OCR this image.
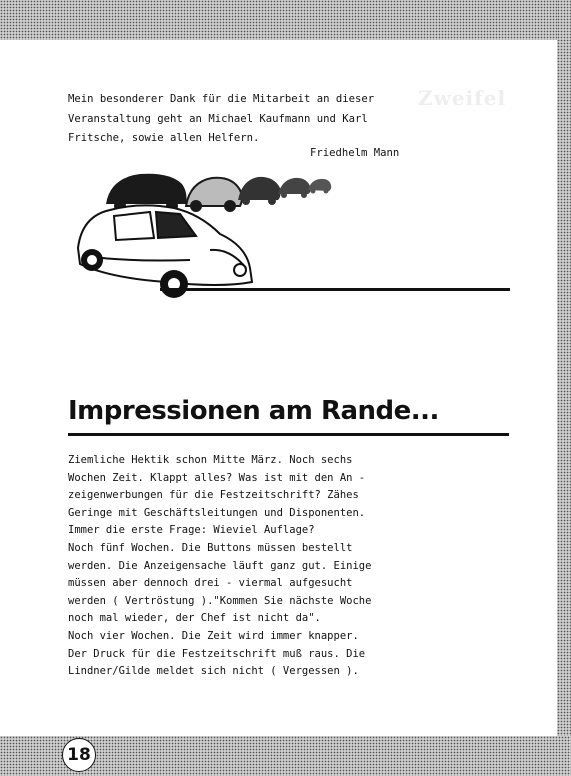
Zweifel
Mein besonderer Dank für die Mitarbeit an dieser
Veranstaltung geht an Michael Kaufmann und Karl
Fritsche, sowie allen Helfern.
Friedhelm Mann
Impressionen am Rande...
Ziemliche Hektik schon Mitte März. Noch sechs
Wochen Zeit. Klappt alles? Was ist mit den An -
zeigenwerbungen für die Festzeitschrift? Zähes
Geringe mit Geschäftsleitungen und Disponenten.
Immer die erste Frage: Wieviel Auflage?
Noch fünf Wochen. Die Buttons müssen bestellt
werden. Die Anzeigensache läuft ganz gut. Einige
müssen aber dennoch drei - viermal aufgesucht
werden ( Vertröstung )."Kommen Sie nächste Woche
noch mal wieder, der Chef ist nicht da".
Noch vier Wochen. Die Zeit wird immer knapper.
Der Druck für die Festzeitschrift muß raus. Die
Lindner/Gilde meldet sich nicht ( Vergessen ).
18
